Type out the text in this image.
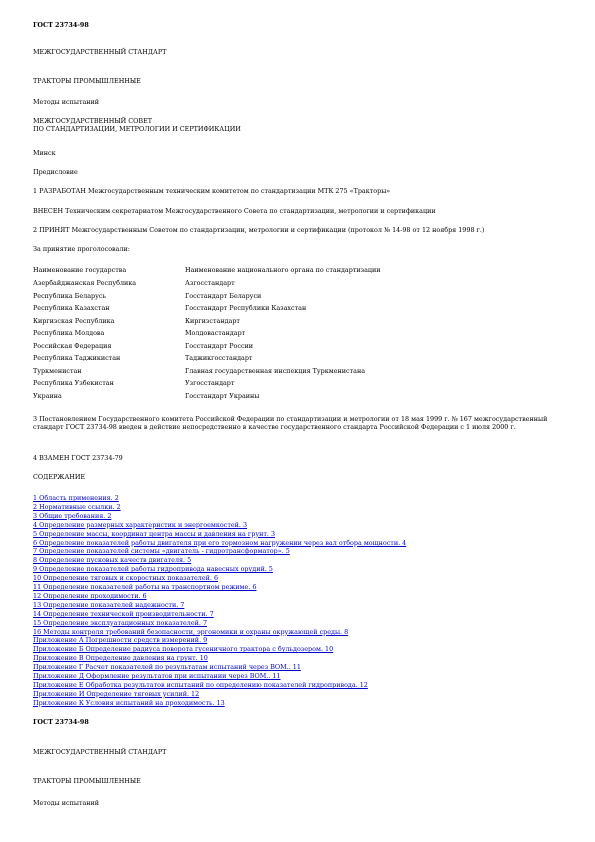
ГОСТ 23734-98
МЕЖГОСУДАРСТВЕННЫЙ СТАНДАРТ
ТРАКТОРЫ ПРОМЫШЛЕННЫЕ
Методы испытаний
МЕЖГОСУДАРСТВЕННЫЙ СОВЕТ
ПО СТАНДАРТИЗАЦИИ, МЕТРОЛОГИИ И СЕРТИФИКАЦИИ
Минск
Предисловие
1 РАЗРАБОТАН Межгосударственным техническим комитетом по стандартизации МТК 275 «Тракторы»
ВНЕСЕН Техническим секретариатом Межгосударственного Совета по стандартизации, метрологии и сертификации
2 ПРИНЯТ Межгосударственным Советом по стандартизации, метрологии и сертификации (протокол № 14-98 от 12 ноября 1998 г.)
За принятие проголосовали:
Наименование государства	Наименование национального органа по стандартизации
Азербайджанская Республика	Азгосстандарт
Республика Беларусь	Госстандарт Беларуси
Республика Казахстан	Госстандарт Республики Казахстан
Киргизская Республика	Киргизстандарт
Республика Молдова	Молдовастандарт
Российская Федерация	Госстандарт России
Республика Таджикистан	Таджикгосстандарт
Туркменистан	Главная государственная инспекция Туркменистана
Республика Узбекистан	Узгосстандарт
Украина	Госстандарт Украины
3 Постановлением Государственного комитета Российской Федерации по стандартизации и метрологии от 18 мая 1999 г. № 167 межгосударственный стандарт ГОСТ 23734-98 введен в действие непосредственно в качестве государственного стандарта Российской Федерации с 1 июля 2000 г.
4 ВЗАМЕН ГОСТ 23734-79
СОДЕРЖАНИЕ
1 Область применения. 2
2 Нормативные ссылки. 2
3 Общие требования. 2
4 Определение размерных характеристик и энергоемкостей. 3
5 Определение массы, координат центра массы и давления на грунт. 3
6 Определение показателей работы двигателя при его тормозном нагружении через вал отбора мощности. 4
7 Определение показателей системы «двигатель - гидротрансформатор». 5
8 Определение пусковых качеств двигателя. 5
9 Определение показателей работы гидропривода навесных орудий. 5
10 Определение тяговых и скоростных показателей. 6
11 Определение показателей работы на транспортном режиме. 6
12 Определение проходимости. 6
13 Определение показателей надежности. 7
14 Определение технической производительности. 7
15 Определение эксплуатационных показателей. 7
16 Методы контроля требований безопасности, эргономики и охраны окружающей среды. 8
Приложение А Погрешности средств измерений. 9
Приложение Б Определение радиуса поворота гусеничного трактора с бульдозером. 10
Приложение В Определение давления на грунт. 10
Приложение Г Расчет показателей по результатам испытаний через ВОМ.. 11
Приложение Д Оформление результатов при испытании через ВОМ.. 11
Приложение Е Обработка результатов испытаний по определению показателей гидропривода. 12
Приложение И Определение тяговых усилий. 12
Приложение К Условия испытаний на проходимость. 13
ГОСТ 23734-98
МЕЖГОСУДАРСТВЕННЫЙ СТАНДАРТ
ТРАКТОРЫ ПРОМЫШЛЕННЫЕ
Методы испытаний
